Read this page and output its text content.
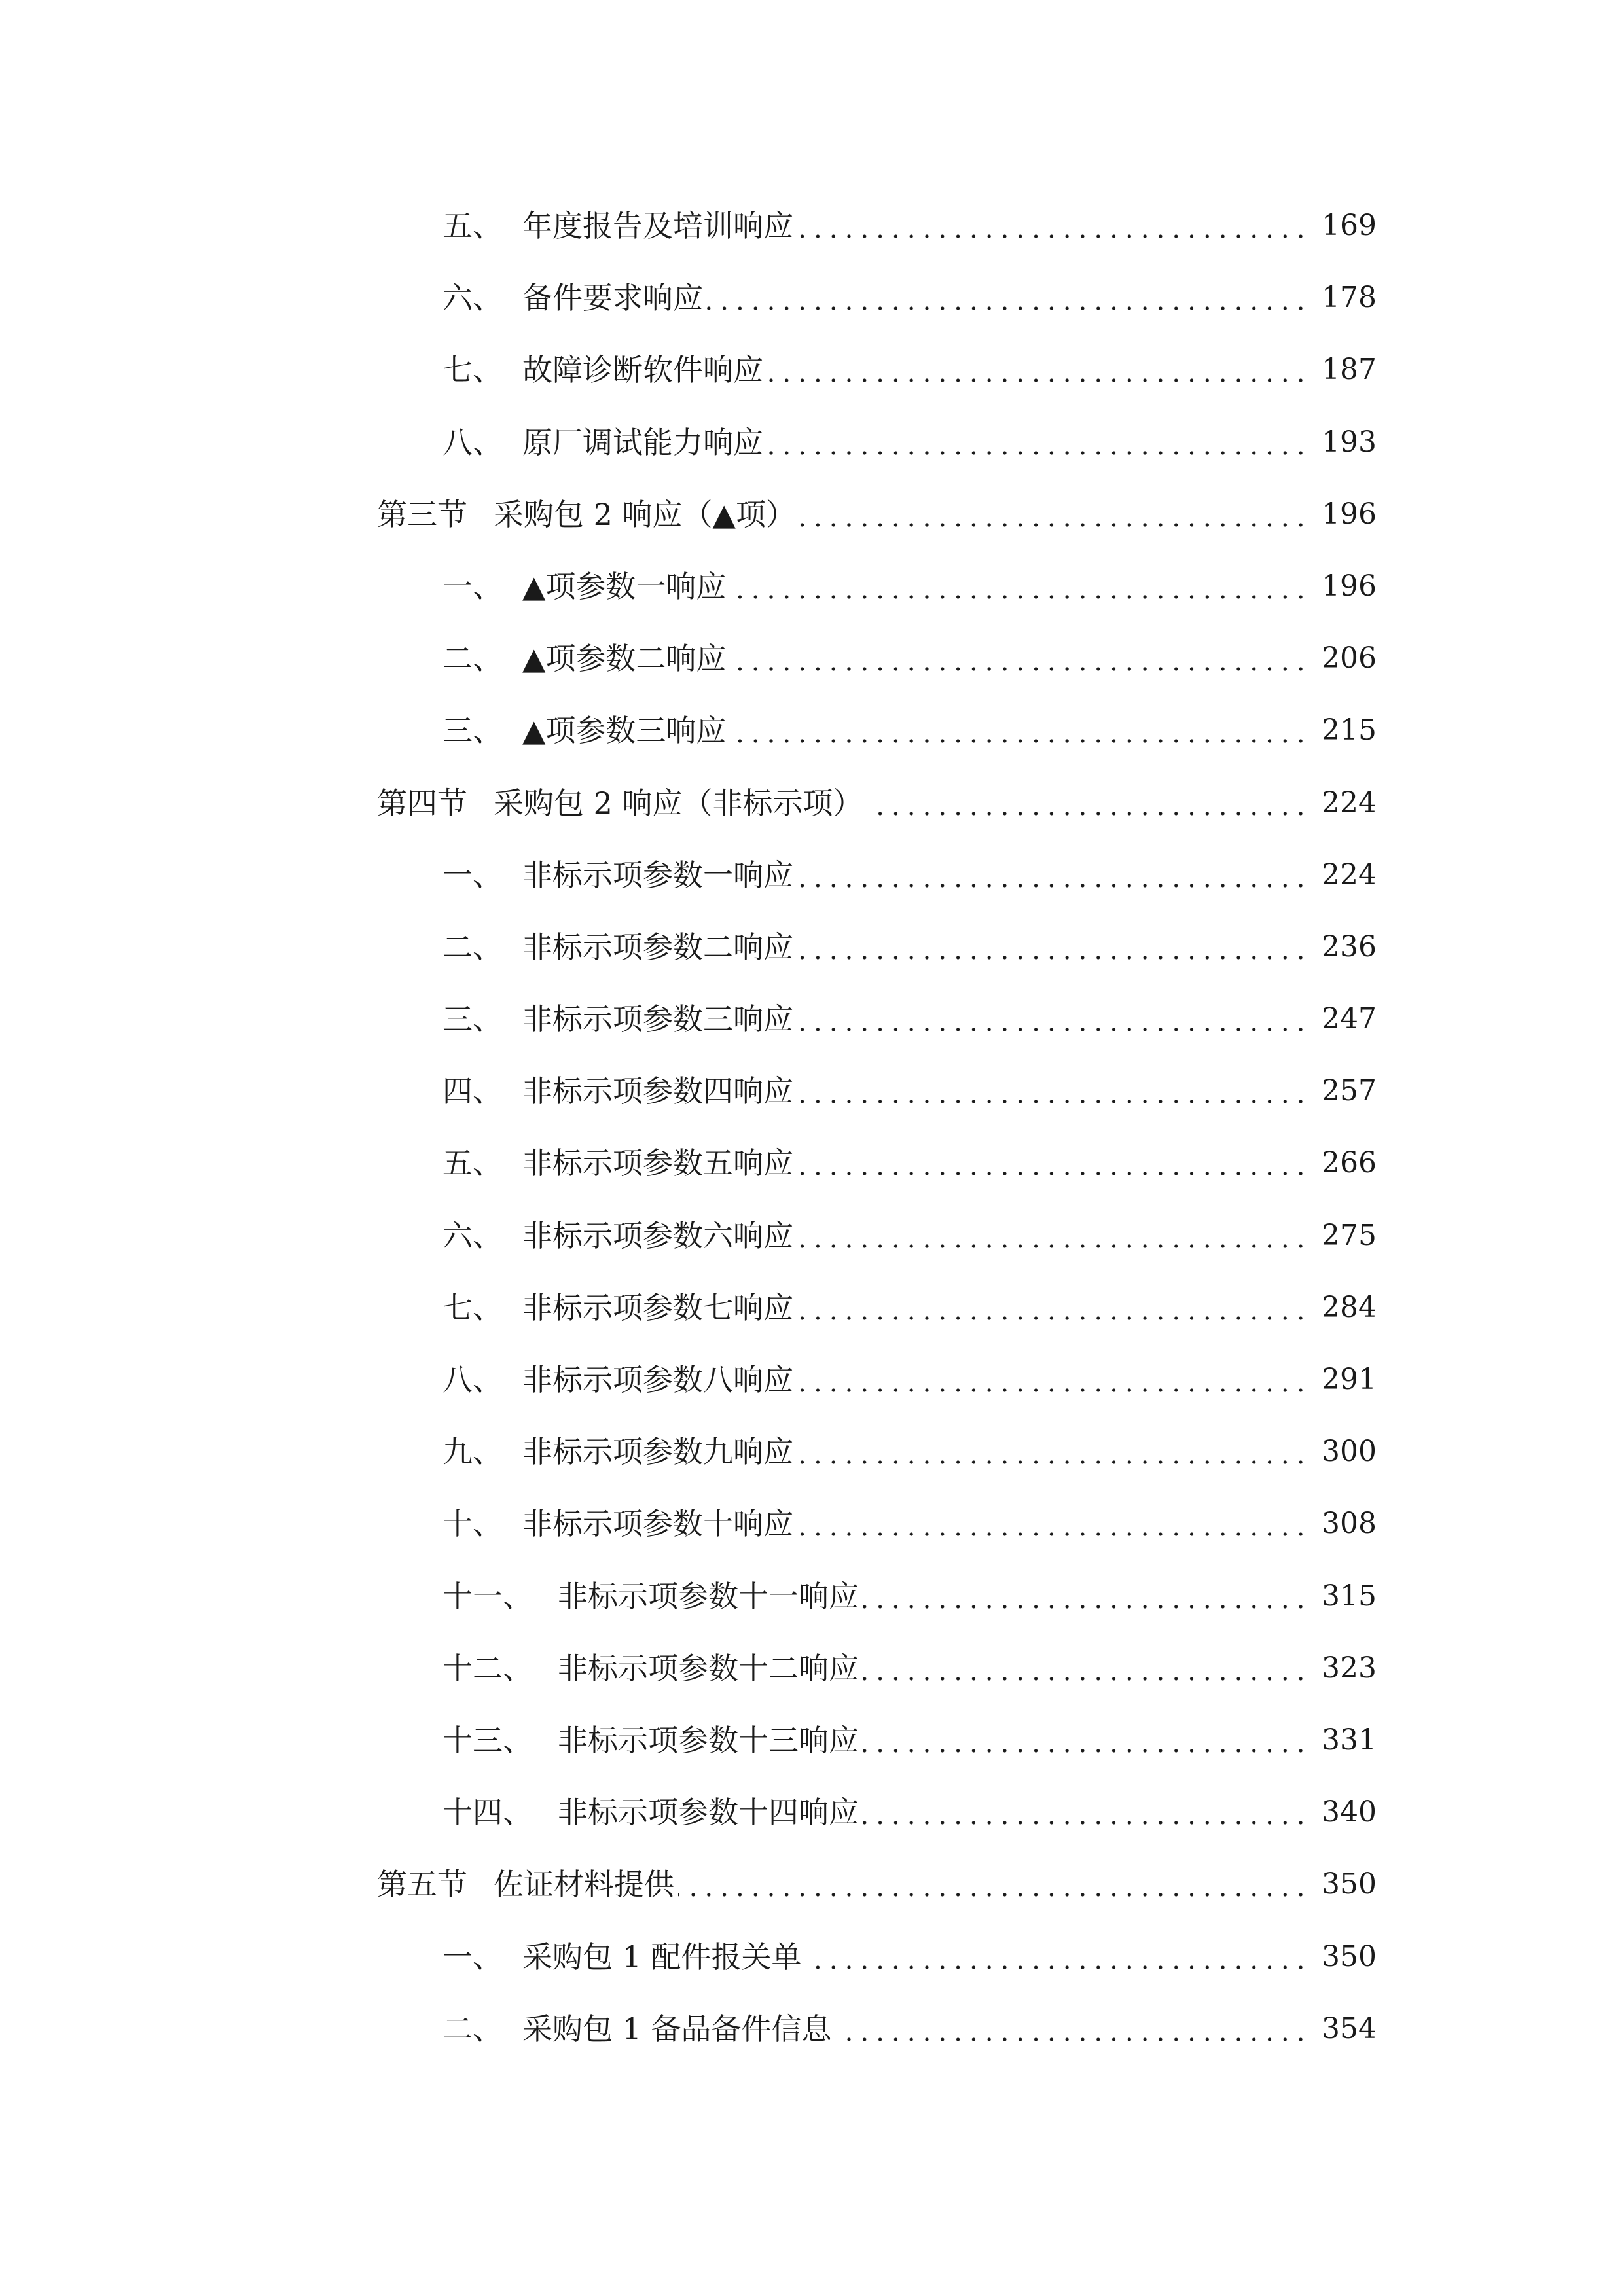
五、 年度报告及培训响应	169
六、 备件要求响应	178
七、 故障诊断软件响应	187
八、 原厂调试能力响应	193
第三节 采购包 2 响应（▲项）	196
一、 ▲项参数一响应	196
二、 ▲项参数二响应	206
三、 ▲项参数三响应	215
第四节 采购包 2 响应（非标示项）	224
一、 非标示项参数一响应	224
二、 非标示项参数二响应	236
三、 非标示项参数三响应	247
四、 非标示项参数四响应	257
五、 非标示项参数五响应	266
六、 非标示项参数六响应	275
七、 非标示项参数七响应	284
八、 非标示项参数八响应	291
九、 非标示项参数九响应	300
十、 非标示项参数十响应	308
十一、 非标示项参数十一响应	315
十二、 非标示项参数十二响应	323
十三、 非标示项参数十三响应	331
十四、 非标示项参数十四响应	340
第五节 佐证材料提供	350
一、 采购包 1 配件报关单	350
二、 采购包 1 备品备件信息	354
